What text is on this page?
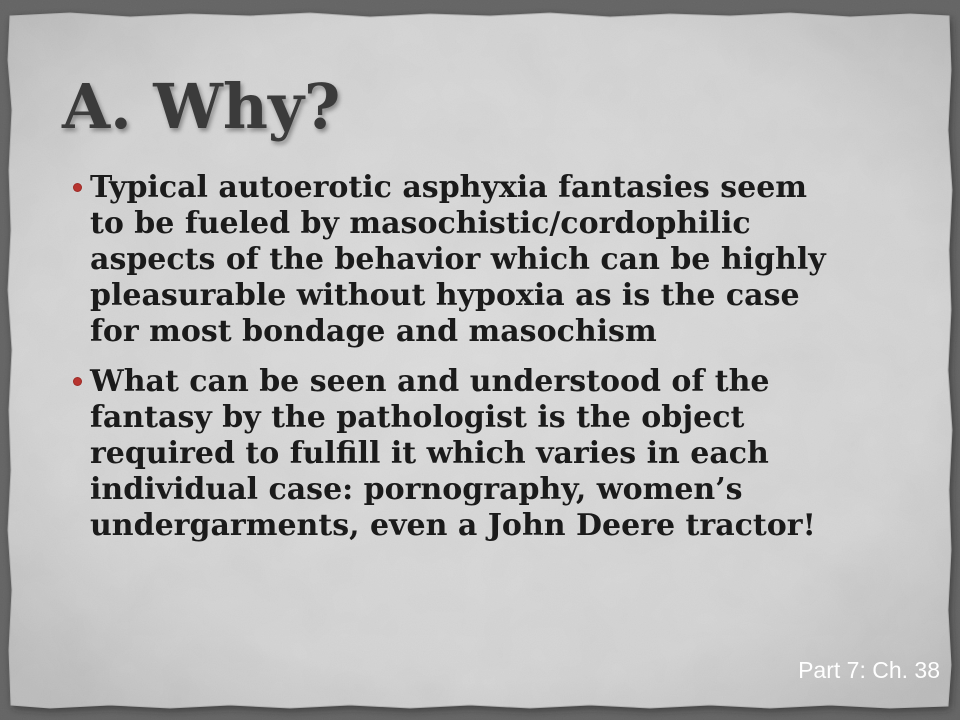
A. Why?
Typical autoerotic asphyxia fantasies seem
to be fueled by masochistic/cordophilic
aspects of the behavior which can be highly
pleasurable without hypoxia as is the case
for most bondage and masochism
What can be seen and understood of the
fantasy by the pathologist is the object
required to fulfill it which varies in each
individual case: pornography, women’s
undergarments, even a John Deere tractor!
Part 7: Ch. 38
